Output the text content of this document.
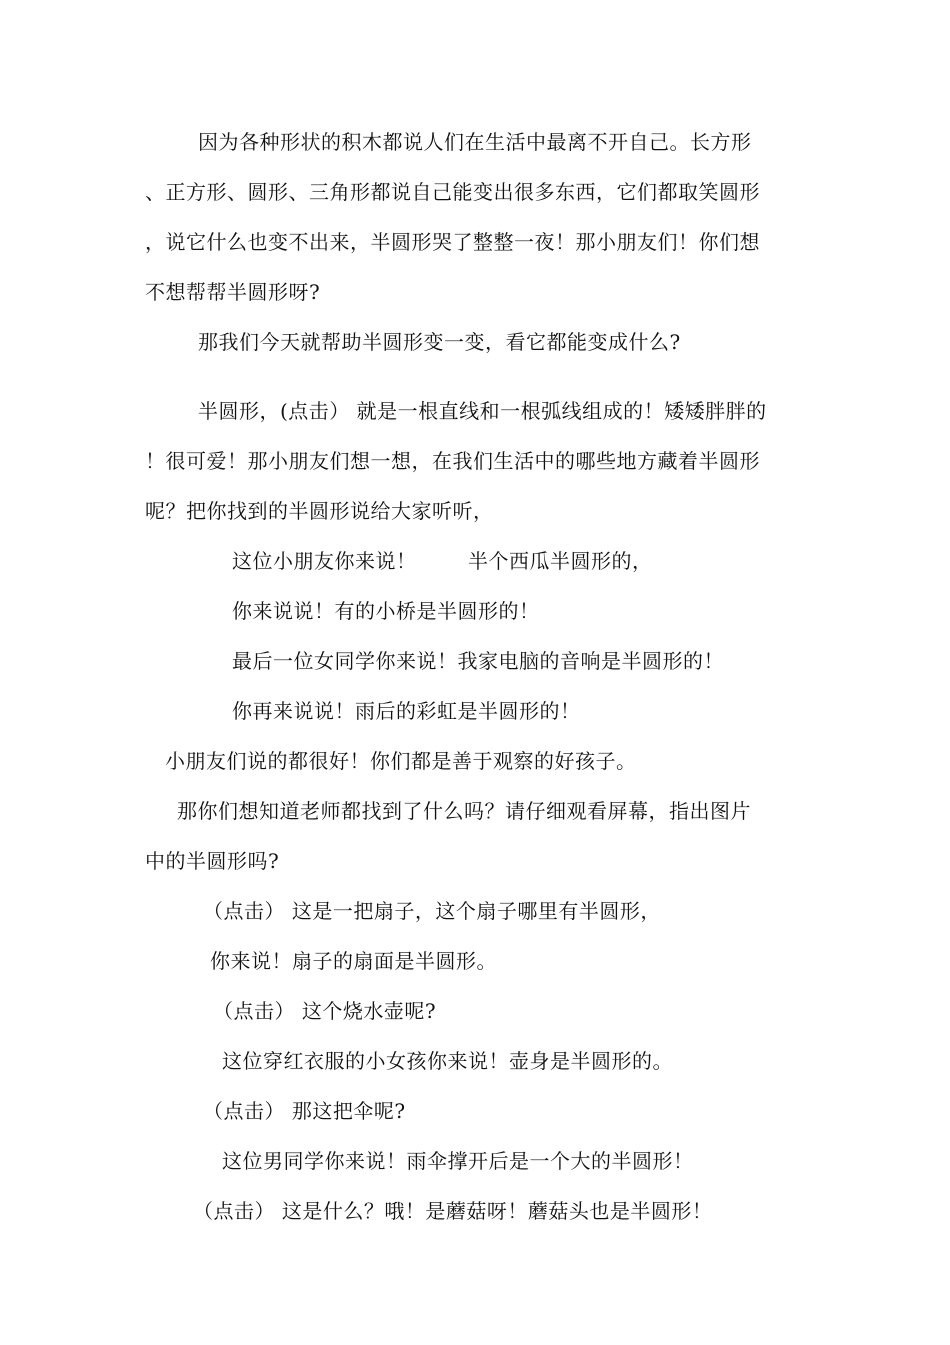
因为各种形状的积木都说人们在生活中最离不开自己。长方形
、正方形、圆形、三角形都说自己能变出很多东西，它们都取笑圆形
，说它什么也变不出来，半圆形哭了整整一夜！那小朋友们！你们想
不想帮帮半圆形呀?
那我们今天就帮助半圆形变一变，看它都能变成什么?
半圆形，(点击） 就是一根直线和一根弧线组成的！矮矮胖胖的
！很可爱！那小朋友们想一想，在我们生活中的哪些地方藏着半圆形
呢？把你找到的半圆形说给大家听听，
这位小朋友你来说！	半个西瓜半圆形的，
你来说说！有的小桥是半圆形的！
最后一位女同学你来说！我家电脑的音响是半圆形的！
你再来说说！雨后的彩虹是半圆形的！
小朋友们说的都很好！你们都是善于观察的好孩子。
那你们想知道老师都找到了什么吗？请仔细观看屏幕，指出图片
中的半圆形吗?
（点击） 这是一把扇子，这个扇子哪里有半圆形，
你来说！扇子的扇面是半圆形。
（点击） 这个烧水壶呢?
这位穿红衣服的小女孩你来说！壶身是半圆形的。
（点击） 那这把伞呢?
这位男同学你来说！雨伞撑开后是一个大的半圆形！
（点击） 这是什么？哦！是蘑菇呀！蘑菇头也是半圆形！
